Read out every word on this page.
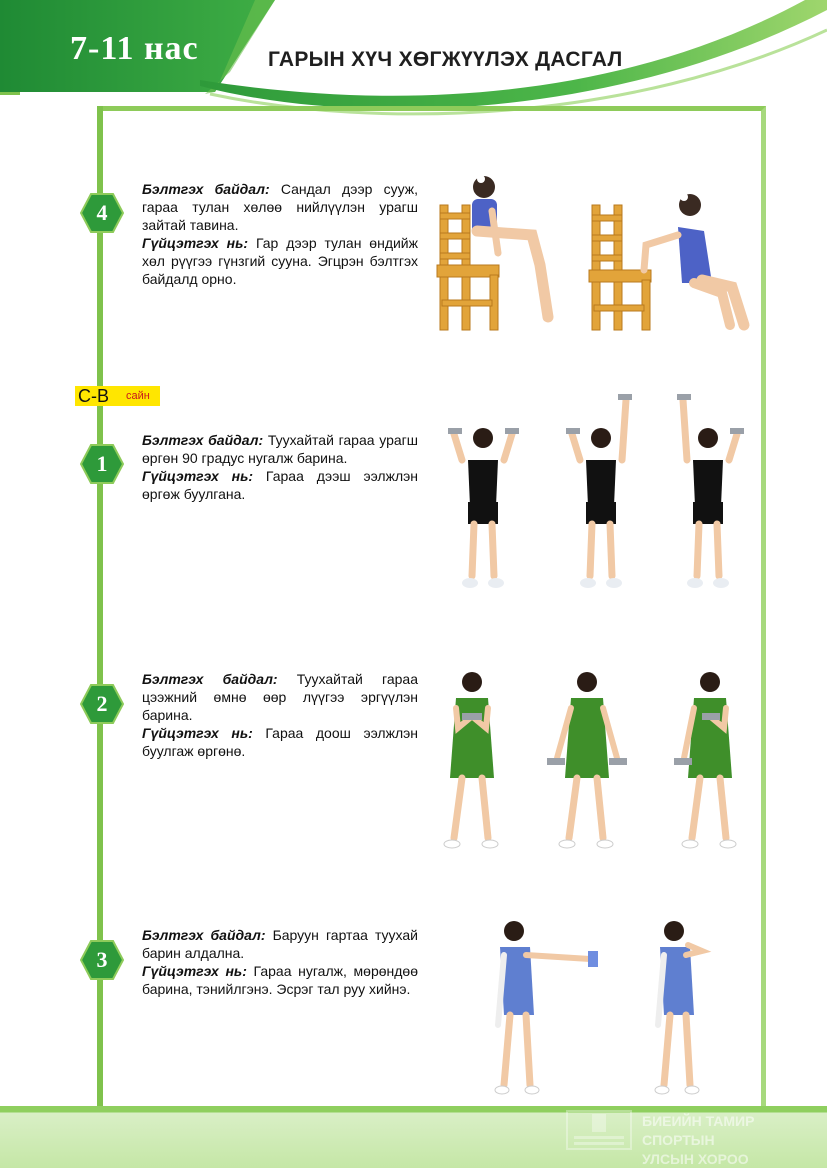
7-11 нас	ГАРЫН ХҮЧ ХӨГЖҮҮЛЭХ ДАСГАЛ
С-В сайн
4

Бэлтгэх байдал: Сандал дээр сууж, гараа тулан хөлөө нийлүүлэн урагш зайтай тавина.

Гүйцэтгэх нь: Гар дээр тулан өндийж хөл рүүгээ гүнзгий сууна. Эгцрэн бэлтгэх байдалд орно.

1

Бэлтгэх байдал: Туухайтай гараа урагш өргөн 90 градус нугалж барина.

Гүйцэтгэх нь: Гараа дээш ээлжлэн өргөж буулгана.

2

Бэлтгэх байдал: Туухайтай гараа цээжний өмнө өөр лүүгээ эргүүлэн барина.

Гүйцэтгэх нь: Гараа доош ээлжлэн буулгаж өргөнө.

3

Бэлтгэх байдал: Баруун гартаа туухай барин алдална.

Гүйцэтгэх нь: Гараа нугалж, мөрөндөө барина, тэнийлгэнэ. Эсрэг тал руу хийнэ.

БИЕИЙН ТАМИР СПОРТЫН
УЛСЫН ХОРОО
